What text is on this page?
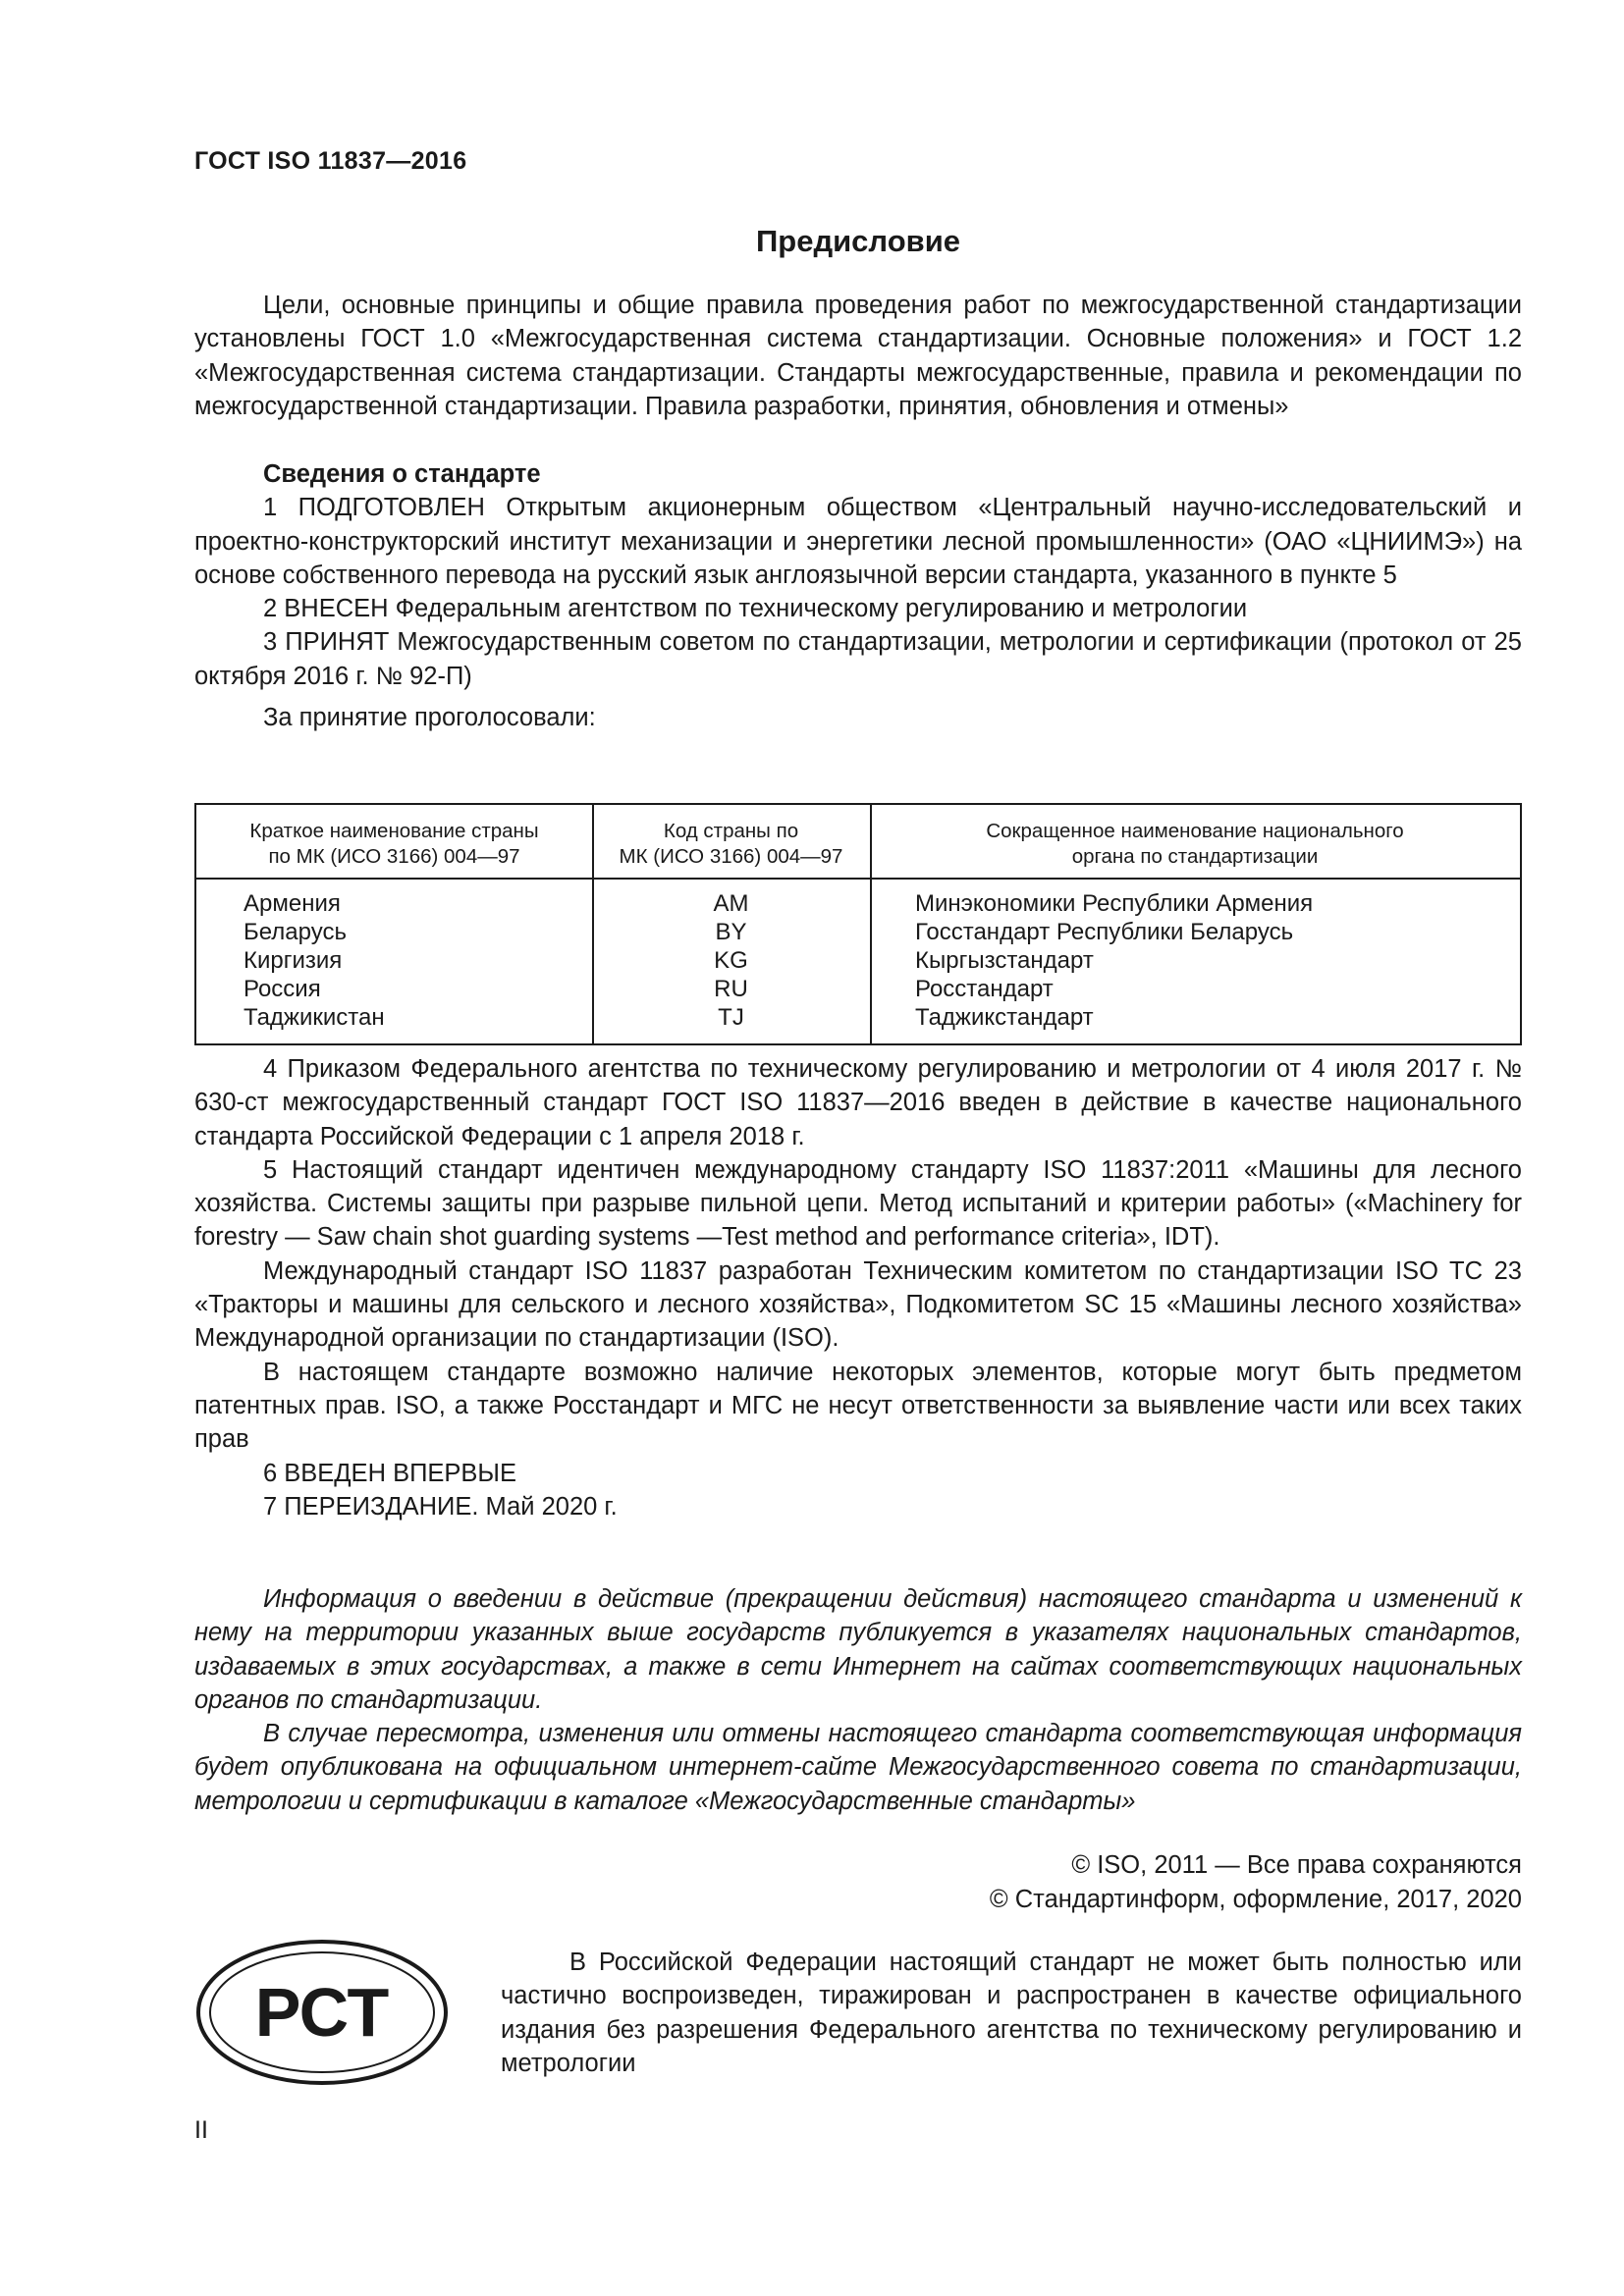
ГОСТ ISO 11837—2016
Предисловие

Цели, основные принципы и общие правила проведения работ по межгосударственной стандартизации установлены ГОСТ 1.0 «Межгосударственная система стандартизации. Основные положения» и ГОСТ 1.2 «Межгосударственная система стандартизации. Стандарты межгосударственные, правила и рекомендации по межгосударственной стандартизации. Правила разработки, принятия, обновления и отмены»

Сведения о стандарте

1 ПОДГОТОВЛЕН Открытым акционерным обществом «Центральный научно-исследовательский и проектно-конструкторский институт механизации и энергетики лесной промышленности» (ОАО «ЦНИИМЭ») на основе собственного перевода на русский язык англоязычной версии стандарта, указанного в пункте 5

2 ВНЕСЕН Федеральным агентством по техническому регулированию и метрологии

3 ПРИНЯТ Межгосударственным советом по стандартизации, метрологии и сертификации (протокол от 25 октября 2016 г. № 92-П)

За принятие проголосовали:

Краткое наименование страны
по МК (ИСО 3166) 004—97
Армения
Беларусь
Киргизия
Россия
Таджикистан
Код страны по
МК (ИСО 3166) 004—97
AM
BY
KG
RU
TJ
Сокращенное наименование национального
органа по стандартизации
Минэкономики Республики Армения
Госстандарт Республики Беларусь
Кыргызстандарт
Росстандарт
Таджикстандарт

4 Приказом Федерального агентства по техническому регулированию и метрологии от 4 июля 2017 г. № 630-ст межгосударственный стандарт ГОСТ ISO 11837—2016 введен в действие в качестве национального стандарта Российской Федерации с 1 апреля 2018 г.

5 Настоящий стандарт идентичен международному стандарту ISO 11837:2011 «Машины для лесного хозяйства. Системы защиты при разрыве пильной цепи. Метод испытаний и критерии работы» («Machinery for forestry — Saw chain shot guarding systems —Test method and performance criteria», IDT).

Международный стандарт ISO 11837 разработан Техническим комитетом по стандартизации ISO TC 23 «Тракторы и машины для сельского и лесного хозяйства», Подкомитетом SC 15 «Машины лесного хозяйства» Международной организации по стандартизации (ISO).

В настоящем стандарте возможно наличие некоторых элементов, которые могут быть предметом патентных прав. ISO, а также Росстандарт и МГС не несут ответственности за выявление части или всех таких прав

6 ВВЕДЕН ВПЕРВЫЕ

7 ПЕРЕИЗДАНИЕ. Май 2020 г.

Информация о введении в действие (прекращении действия) настоящего стандарта и изменений к нему на территории указанных выше государств публикуется в указателях национальных стандартов, издаваемых в этих государствах, а также в сети Интернет на сайтах соответствующих национальных органов по стандартизации.

В случае пересмотра, изменения или отмены настоящего стандарта соответствующая информация будет опубликована на официальном интернет-сайте Межгосударственного совета по стандартизации, метрологии и сертификации в каталоге «Межгосударственные стандарты»

© ISO, 2011 — Все права сохраняются
© Стандартинформ, оформление, 2017, 2020
РСТ

В Российской Федерации настоящий стандарт не может быть полностью или частично воспроизведен, тиражирован и распространен в качестве официального издания без разрешения Федерального агентства по техническому регулированию и метрологии

II
